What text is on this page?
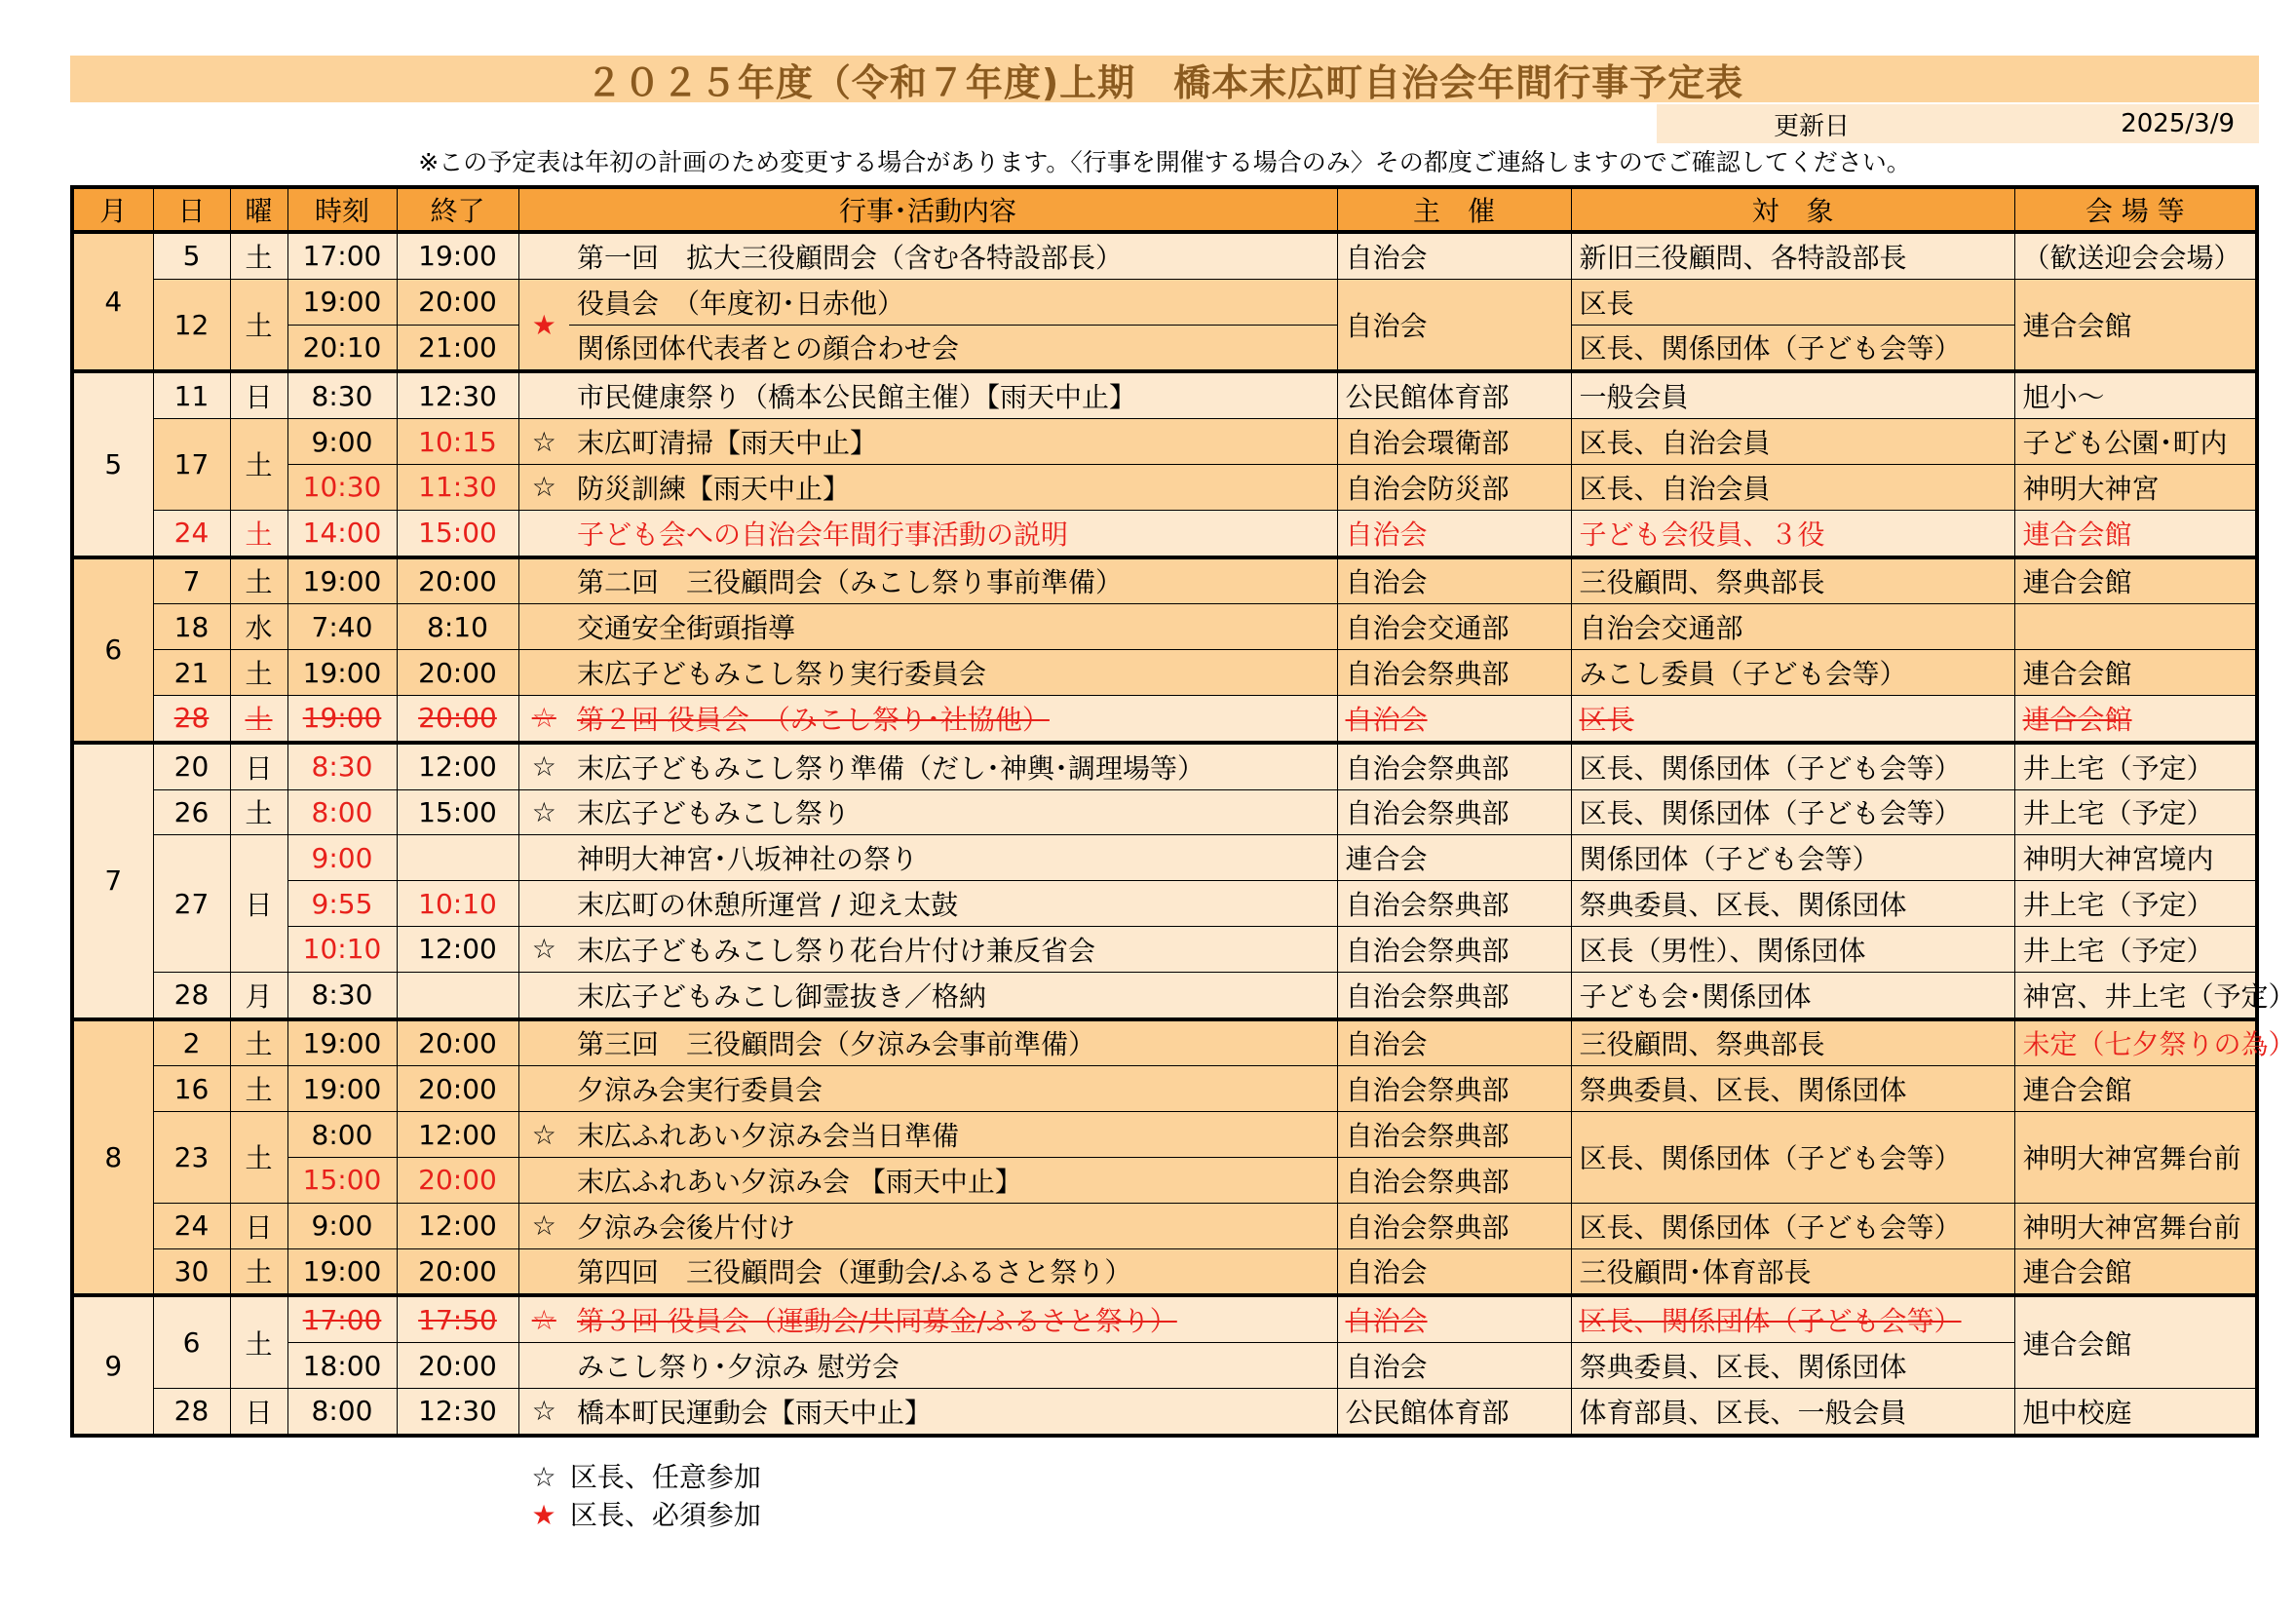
２０２５年度（令和７年度)上期　橋本末広町自治会年間行事予定表
更新日	2025/3/9
※この予定表は年初の計画のため変更する場合があります。〈行事を開催する場合のみ〉その都度ご連絡しますのでご確認してください。
月	日	曜	時刻	終了	行事･活動内容		主　催	対　象	会 場 等
4	5	土	17:00	19:00		第一回　拡大三役顧問会（含む各特設部長）	自治会	新旧三役顧問、各特設部長	（歓送迎会会場）
	12	土	19:00	20:00	★	役員会　（年度初･日赤他）	自治会	区長	連合会館
			20:10	21:00		関係団体代表者との顔合わせ会		区長、関係団体（子ども会等）	
5	11	日	8:30	12:30		市民健康祭り（橋本公民館主催）【雨天中止】	公民館体育部	一般会員	旭小～
	17	土	9:00	10:15	☆	末広町清掃【雨天中止】	自治会環衛部	区長、自治会員	子ども公園･町内
			10:30	11:30	☆	防災訓練【雨天中止】	自治会防災部	区長、自治会員	神明大神宮
	24	土	14:00	15:00		子ども会への自治会年間行事活動の説明	自治会	子ども会役員、３役	連合会館
6	7	土	19:00	20:00		第二回　三役顧問会（みこし祭り事前準備）	自治会	三役顧問、祭典部長	連合会館
	18	水	7:40	8:10		交通安全街頭指導	自治会交通部	自治会交通部	
	21	土	19:00	20:00		末広子どもみこし祭り実行委員会	自治会祭典部	みこし委員（子ども会等）	連合会館
	28	土	19:00	20:00	☆	第２回 役員会　（みこし祭り･社協他）	自治会	区長	連合会館
7	20	日	8:30	12:00	☆	末広子どもみこし祭り準備（だし･神輿･調理場等）	自治会祭典部	区長、関係団体（子ども会等）	井上宅（予定）
	26	土	8:00	15:00	☆	末広子どもみこし祭り	自治会祭典部	区長、関係団体（子ども会等）	井上宅（予定）
	27	日	9:00			神明大神宮･八坂神社の祭り	連合会	関係団体（子ども会等）	神明大神宮境内
			9:55	10:10		末広町の休憩所運営 / 迎え太鼓	自治会祭典部	祭典委員、区長、関係団体	井上宅（予定）
			10:10	12:00	☆	末広子どもみこし祭り花台片付け兼反省会	自治会祭典部	区長（男性）、関係団体	井上宅（予定）
	28	月	8:30			末広子どもみこし御霊抜き／格納	自治会祭典部	子ども会･関係団体	神宮、井上宅（予定）
8	2	土	19:00	20:00		第三回　三役顧問会（夕涼み会事前準備）	自治会	三役顧問、祭典部長	未定（七夕祭りの為）
	16	土	19:00	20:00		夕涼み会実行委員会	自治会祭典部	祭典委員、区長、関係団体	連合会館
	23	土	8:00	12:00	☆	末広ふれあい夕涼み会当日準備	自治会祭典部	区長、関係団体（子ども会等）	神明大神宮舞台前
			15:00	20:00		末広ふれあい夕涼み会 【雨天中止】	自治会祭典部		
	24	日	9:00	12:00	☆	夕涼み会後片付け	自治会祭典部	区長、関係団体（子ども会等）	神明大神宮舞台前
	30	土	19:00	20:00		第四回　三役顧問会（運動会/ふるさと祭り）	自治会	三役顧問･体育部長	連合会館
9	6	土	17:00	17:50	☆	第３回 役員会（運動会/共同募金/ふるさと祭り）	自治会	区長、関係団体（子ども会等）	連合会館
			18:00	20:00		みこし祭り･夕涼み 慰労会	自治会	祭典委員、区長、関係団体	
	28	日	8:00	12:30	☆	橋本町民運動会【雨天中止】	公民館体育部	体育部員、区長、一般会員	旭中校庭
☆ 区長、任意参加
★ 区長、必須参加
